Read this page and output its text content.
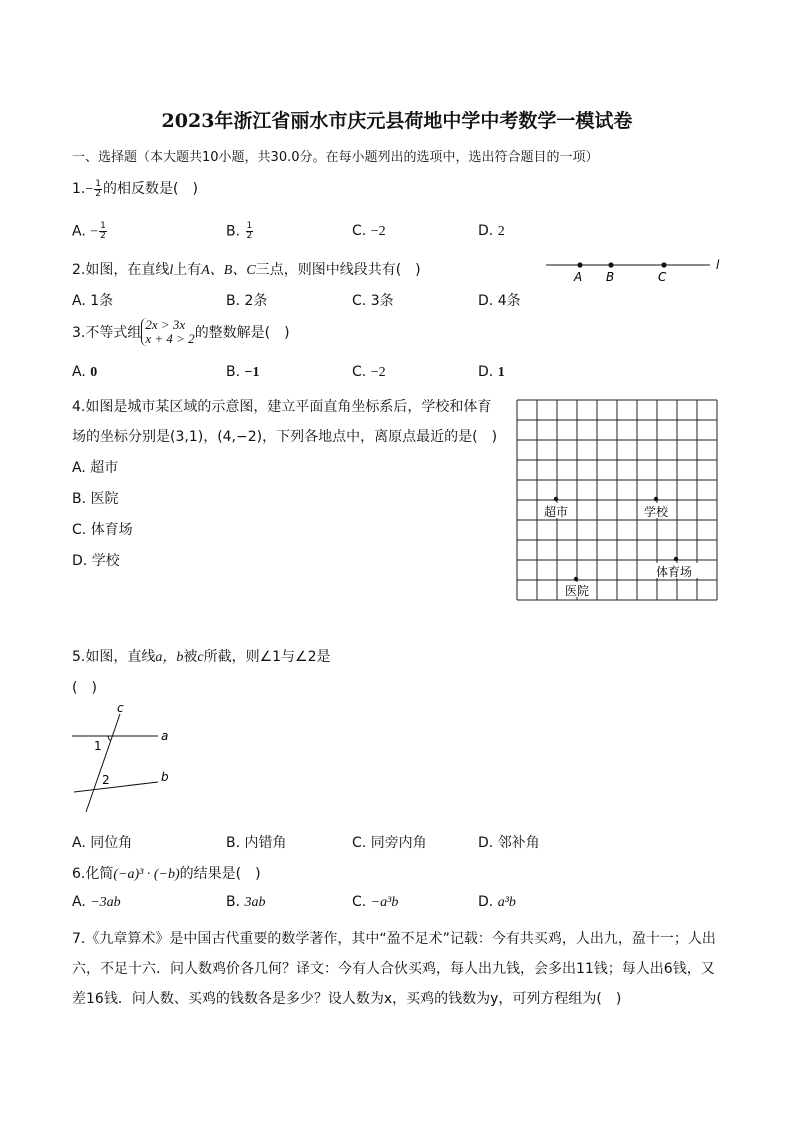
2023年浙江省丽水市庆元县荷地中学中考数学一模试卷
一、选择题（本大题共10小题，共30.0分。在每小题列出的选项中，选出符合题目的一项）
$1.- \frac{1}{2}$ 的相反数是(　)
A. − $\frac{1}{2}$	B. $\frac{1}{2}$	C. −2	D. 2
2.如图，在直线l上有A、B、C三点，则图中线段共有(　)	A B	C
l
A. 1条	B. 2条	C. 3条	D. 4条
3.不等式组
2x > 3x
x + 4 > 2 的整数解是(　)
A. 0	B. −1	C. −2	D. 1
4.如图是城市某区域的示意图，建立平面直角坐标系后，学校和体育
场的坐标分别是(3,1)，(4,−2)，下列各地点中，离原点最近的是(　)
A. 超市
B. 医院
C. 体育场
D. 学校
超市	学校
体育场
医院
5.如图，直线a，b被c所截，则∠1与∠2是
(　)
c
a
b
1
2
A. 同位角	B. 内错角	C. 同旁内角	D. 邻补角
6.化简(−a)³ · (−b)的结果是(　)
A. −3ab	B. 3ab	C. −a³b	D. a³b
7.《九章算术》是中国古代重要的数学著作，其中“盈不足术”记载：今有共买鸡，人出九，盈十一；人出六，不足十六．问人数鸡价各几何？译文：今有人合伙买鸡，每人出九钱，会多出11钱；每人出6钱，又差16钱．问人数、买鸡的钱数各是多少？设人数为x，买鸡的钱数为y，可列方程组为(　)
